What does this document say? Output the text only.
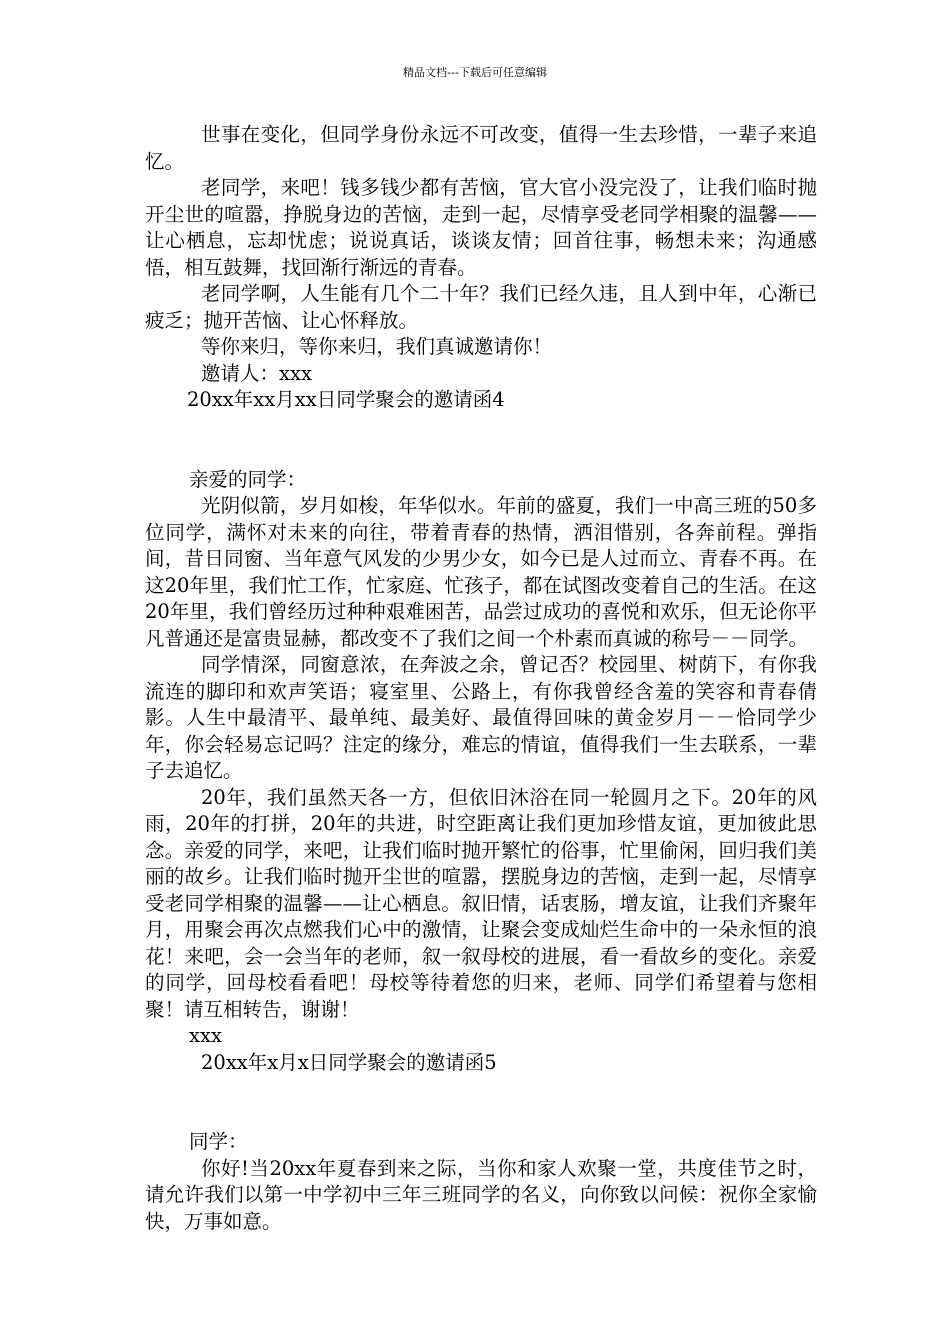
精品文档---下载后可任意编辑

世事在变化，但同学身份永远不可改变，值得一生去珍惜，一辈子来追忆。

老同学，来吧！钱多钱少都有苦恼，官大官小没完没了，让我们临时抛开尘世的喧嚣，挣脱身边的苦恼，走到一起，尽情享受老同学相聚的温馨——让心栖息，忘却忧虑；说说真话，谈谈友情；回首往事，畅想未来；沟通感悟，相互鼓舞，找回渐行渐远的青春。

老同学啊，人生能有几个二十年？我们已经久违，且人到中年，心渐已疲乏；抛开苦恼、让心怀释放。

等你来归，等你来归，我们真诚邀请你！

邀请人：xxx

20xx年xx月xx日同学聚会的邀请函4

亲爱的同学：

光阴似箭，岁月如梭，年华似水。年前的盛夏，我们一中高三班的50多位同学，满怀对未来的向往，带着青春的热情，洒泪惜别，各奔前程。弹指间，昔日同窗、当年意气风发的少男少女，如今已是人过而立、青春不再。在这20年里，我们忙工作，忙家庭、忙孩子，都在试图改变着自己的生活。在这20年里，我们曾经历过种种艰难困苦，品尝过成功的喜悦和欢乐，但无论你平凡普通还是富贵显赫，都改变不了我们之间一个朴素而真诚的称号－－同学。

同学情深，同窗意浓，在奔波之余，曾记否？校园里、树荫下，有你我流连的脚印和欢声笑语；寝室里、公路上，有你我曾经含羞的笑容和青春倩影。人生中最清平、最单纯、最美好、最值得回味的黄金岁月－－恰同学少年，你会轻易忘记吗？注定的缘分，难忘的情谊，值得我们一生去联系，一辈子去追忆。

20年，我们虽然天各一方，但依旧沐浴在同一轮圆月之下。20年的风雨，20年的打拼，20年的共进，时空距离让我们更加珍惜友谊，更加彼此思念。亲爱的同学，来吧，让我们临时抛开繁忙的俗事，忙里偷闲，回归我们美丽的故乡。让我们临时抛开尘世的喧嚣，摆脱身边的苦恼，走到一起，尽情享受老同学相聚的温馨——让心栖息。叙旧情，话衷肠，增友谊，让我们齐聚年月，用聚会再次点燃我们心中的激情，让聚会变成灿烂生命中的一朵永恒的浪花！来吧，会一会当年的老师，叙一叙母校的进展，看一看故乡的变化。亲爱的同学，回母校看看吧！母校等待着您的归来，老师、同学们希望着与您相聚！请互相转告，谢谢！

xxx

20xx年x月x日同学聚会的邀请函5

同学：

你好!当20xx年夏春到来之际，当你和家人欢聚一堂，共度佳节之时，请允许我们以第一中学初中三年三班同学的名义，向你致以问候：祝你全家愉快，万事如意。
